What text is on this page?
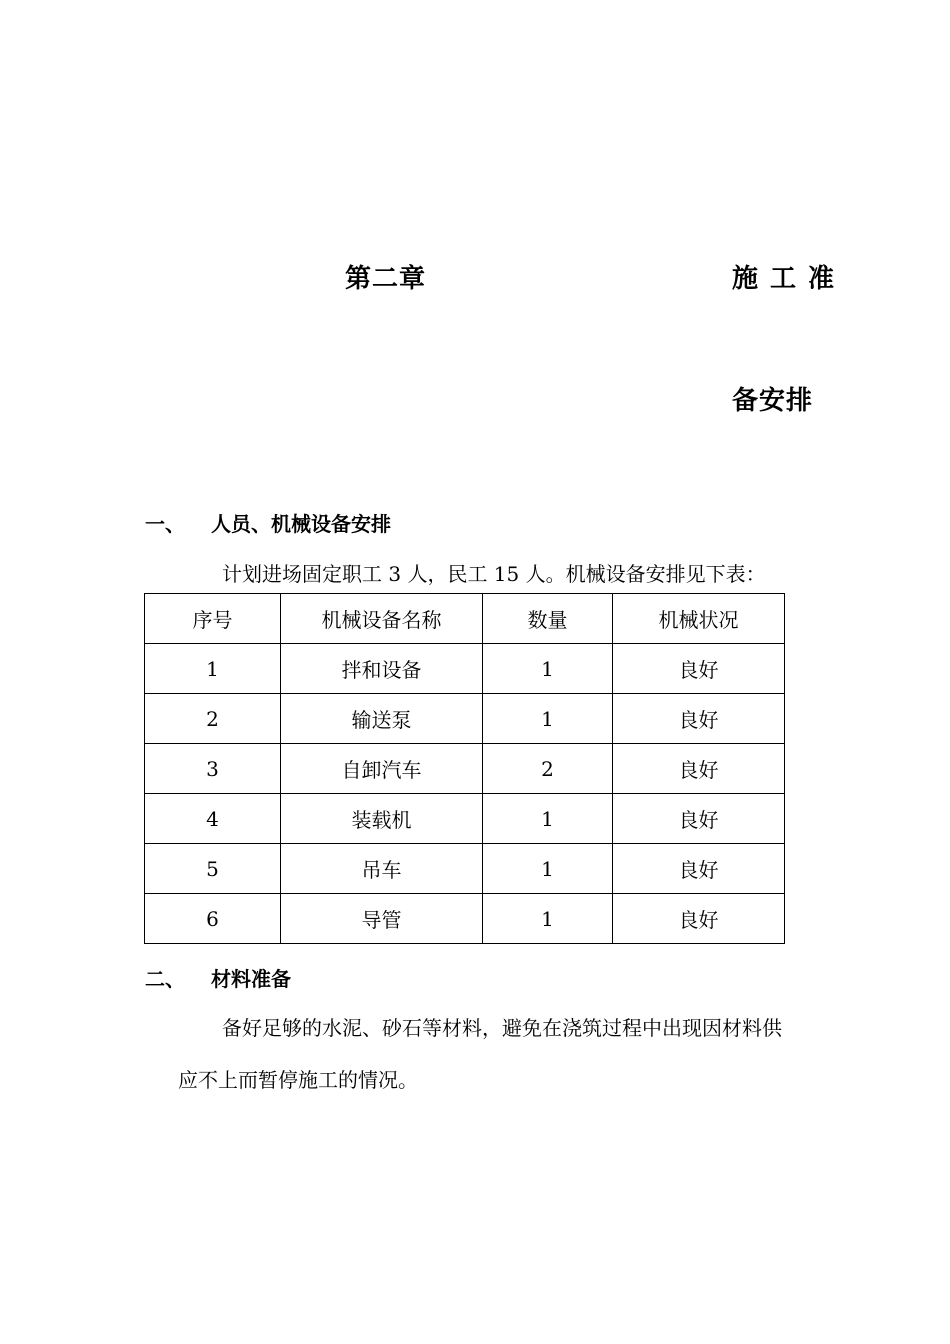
第二章	施工准
备安排
一、 人员、机械设备安排
计划进场固定职工 3 人，民工 15 人。机械设备安排见下表：
序号	机械设备名称	数量	机械状况
1	拌和设备	1	良好
2	输送泵	1	良好
3	自卸汽车	2	良好
4	装载机	1	良好
5	吊车	1	良好
6	导管	1	良好
二、 材料准备
备好足够的水泥、砂石等材料，避免在浇筑过程中出现因材料供
应不上而暂停施工的情况。
